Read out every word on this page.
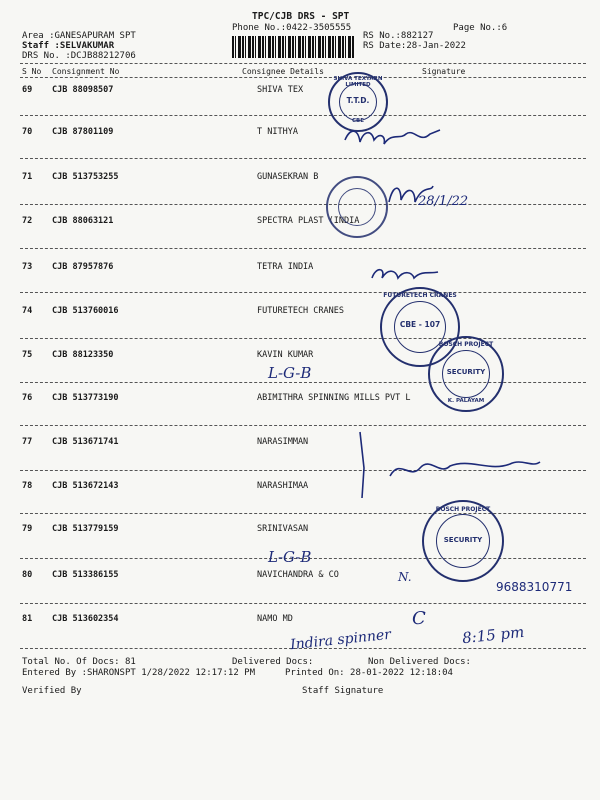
TPC/CJB DRS - SPT
Phone No.:0422-3505555	Page No.:6
Area :GANESAPURAM SPT
Staff :SELVAKUMAR
DRS No. :DCJB88212706
RS No.:882127
RS Date:28-Jan-2022
S No Consignment No	Consignee Details	Signature
69 CJB 88098507	SHIVA TEX
70 CJB 87801109	T NITHYA
71 CJB 513753255	GUNASEKRAN B
72 CJB 88063121	SPECTRA PLAST (INDIA
73 CJB 87957876	TETRA INDIA
74 CJB 513760016	FUTURETECH CRANES
75 CJB 88123350	KAVIN KUMAR
76 CJB 513773190	ABIMITHRA SPINNING MILLS PVT L
77 CJB 513671741	NARASIMMAN
78 CJB 513672143	NARASHIMAA
79 CJB 513779159	SRINIVASAN
80 CJB 513386155	NAVICHANDRA & CO
81 CJB 513602354	NAMO MD
Total No. Of Docs: 81	Delivered Docs:	Non Delivered Docs:
Entered By :SHARONSPT 1/28/2022 12:17:12 PM	Printed On: 28-01-2022 12:18:04
Verified By	Staff Signature
SHIVA TEXYARN LIMITED
T.T.D.
CBE
FUTURETECH CRANES
CBE - 107
BOSCH PROJECT
SECURITY
K. PALAYAM
BOSCH PROJECT
SECURITY
28/1/22
L-G-B
L-G-B
N.
9688310771
C
Indira spinner	8:15 pm
